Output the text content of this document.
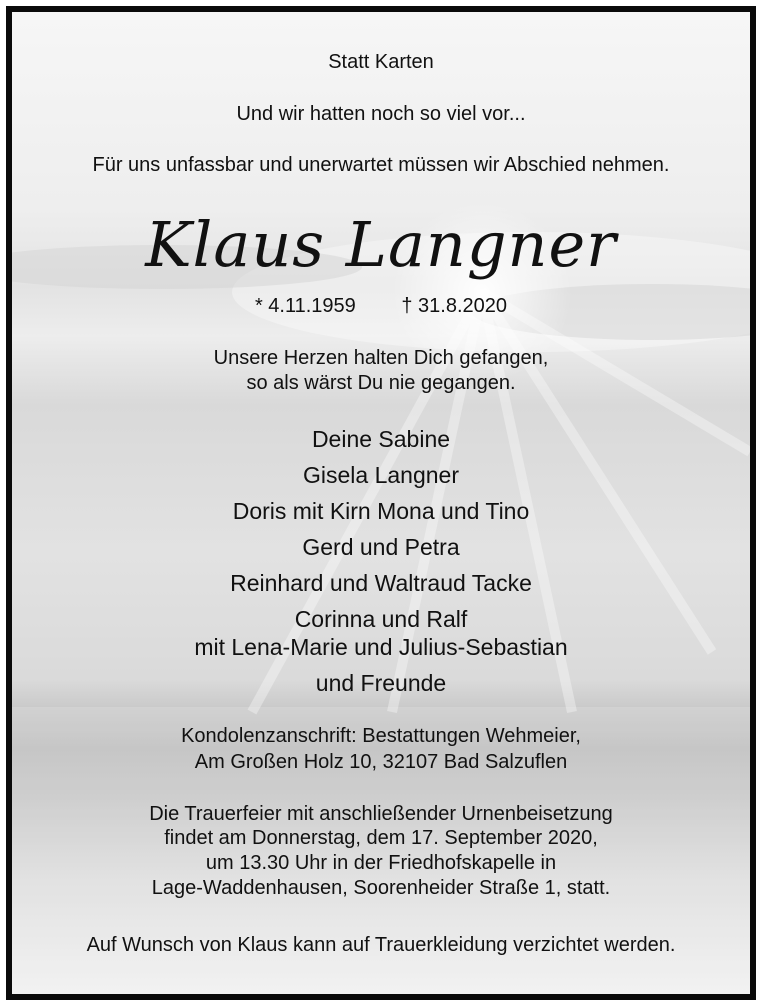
Statt Karten
Und wir hatten noch so viel vor...
Für uns unfassbar und unerwartet müssen wir Abschied nehmen.
Klaus Langner
* 4.11.1959 † 31.8.2020
Unsere Herzen halten Dich gefangen,
so als wärst Du nie gegangen.
Deine Sabine
Gisela Langner
Doris mit Kirn Mona und Tino
Gerd und Petra
Reinhard und Waltraud Tacke
Corinna und Ralf
mit Lena-Marie und Julius-Sebastian
und Freunde
Kondolenzanschrift: Bestattungen Wehmeier,
Am Großen Holz 10, 32107 Bad Salzuflen
Die Trauerfeier mit anschließender Urnenbeisetzung
findet am Donnerstag, dem 17. September 2020,
um 13.30 Uhr in der Friedhofskapelle in
Lage-Waddenhausen, Soorenheider Straße 1, statt.
Auf Wunsch von Klaus kann auf Trauerkleidung verzichtet werden.
